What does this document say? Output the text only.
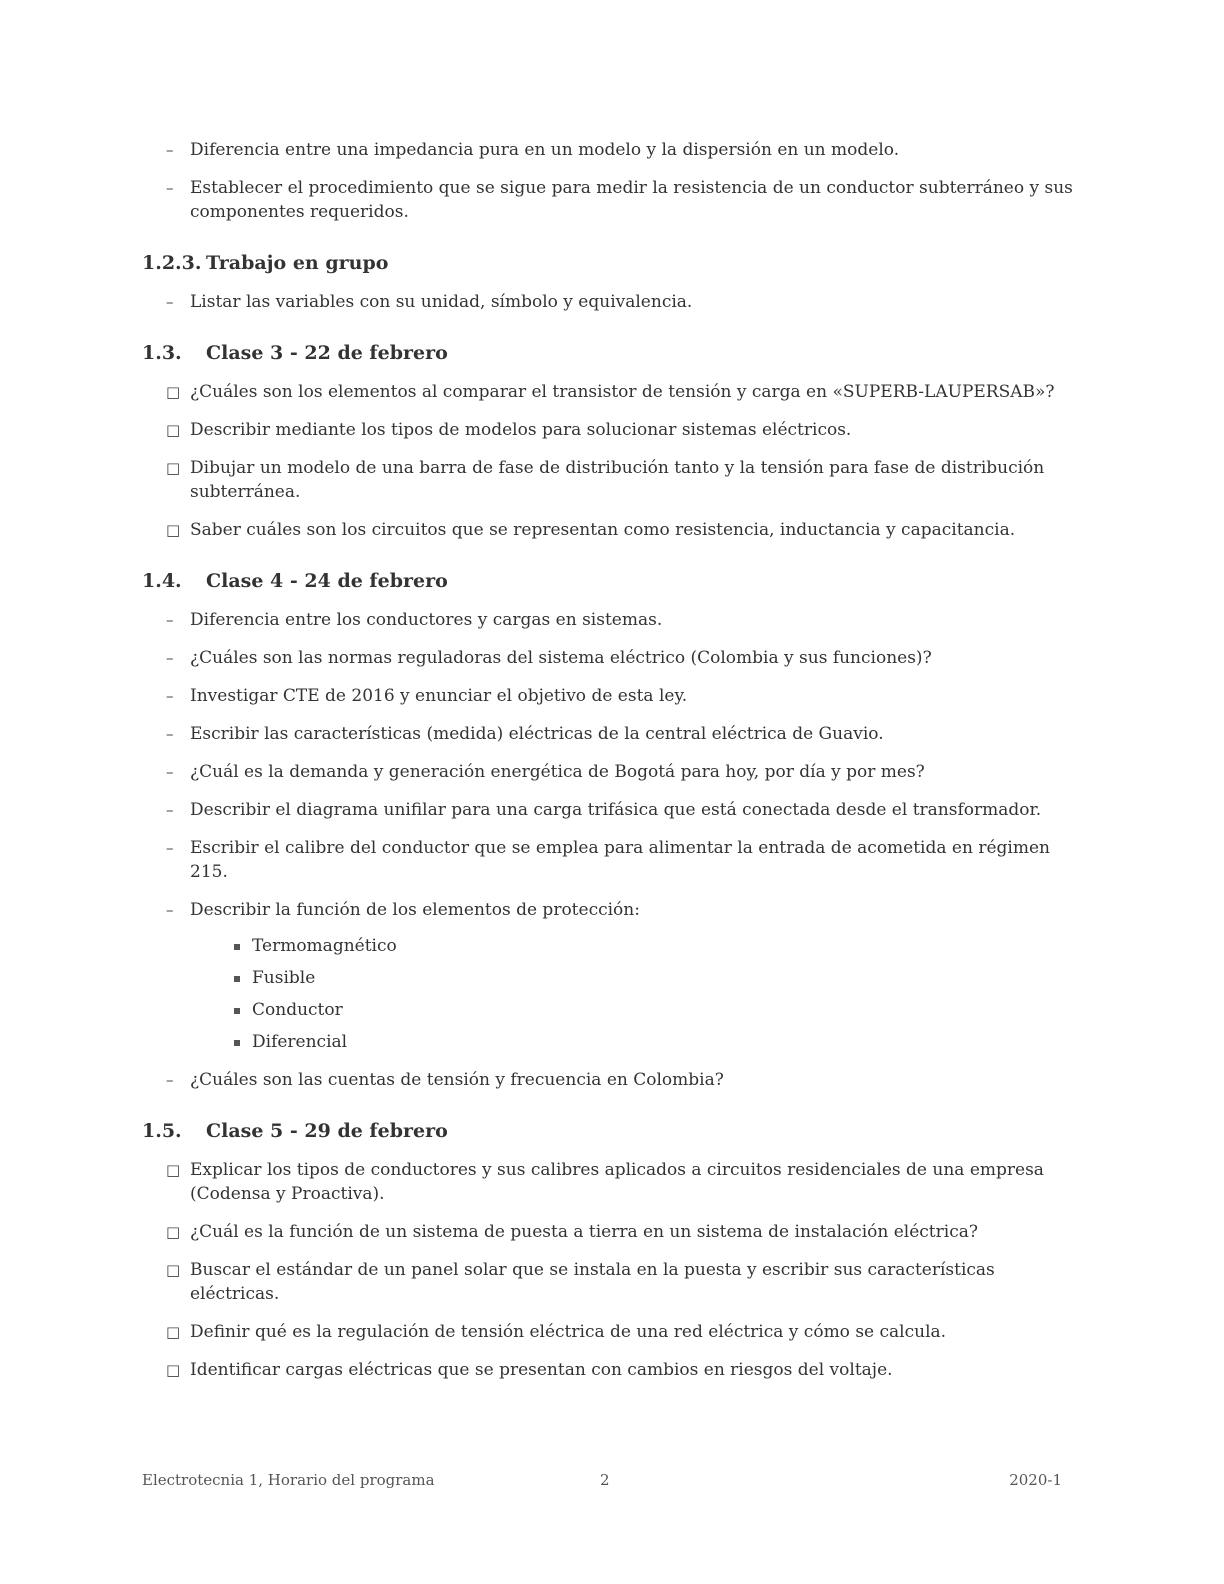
– Diferencia entre una impedancia pura en un modelo y la dispersión en un modelo.
– Establecer el procedimiento que se sigue para medir la resistencia de un conductor subterráneo y sus componentes requeridos.
1.2.3. Trabajo en grupo
– Listar las variables con su unidad, símbolo y equivalencia.
1.3.	Clase 3 - 22 de febrero
□ ¿Cuáles son los elementos al comparar el transistor de tensión y carga en «SUPERB-LAUPERSAB»?
□ Describir mediante los tipos de modelos para solucionar sistemas eléctricos.
□ Dibujar un modelo de una barra de fase de distribución tanto y la tensión para fase de distribución subterránea.
□ Saber cuáles son los circuitos que se representan como resistencia, inductancia y capacitancia.
1.4.	Clase 4 - 24 de febrero
– Diferencia entre los conductores y cargas en sistemas.
– ¿Cuáles son las normas reguladoras del sistema eléctrico (Colombia y sus funciones)?
– Investigar CTE de 2016 y enunciar el objetivo de esta ley.
– Escribir las características (medida) eléctricas de la central eléctrica de Guavio.
– ¿Cuál es la demanda y generación energética de Bogotá para hoy, por día y por mes?
– Describir el diagrama unifilar para una carga trifásica que está conectada desde el transformador.
– Escribir el calibre del conductor que se emplea para alimentar la entrada de acometida en régimen 215.
– Describir la función de los elementos de protección:
Termomagnético
Fusible
Conductor
Diferencial
– ¿Cuáles son las cuentas de tensión y frecuencia en Colombia?
1.5.	Clase 5 - 29 de febrero
□ Explicar los tipos de conductores y sus calibres aplicados a circuitos residenciales de una empresa (Codensa y Proactiva).
□ ¿Cuál es la función de un sistema de puesta a tierra en un sistema de instalación eléctrica?
□ Buscar el estándar de un panel solar que se instala en la puesta y escribir sus características eléctricas.
□ Definir qué es la regulación de tensión eléctrica de una red eléctrica y cómo se calcula.
□ Identificar cargas eléctricas que se presentan con cambios en riesgos del voltaje.
Electrotecnia 1, Horario del programa	2	2020-1
